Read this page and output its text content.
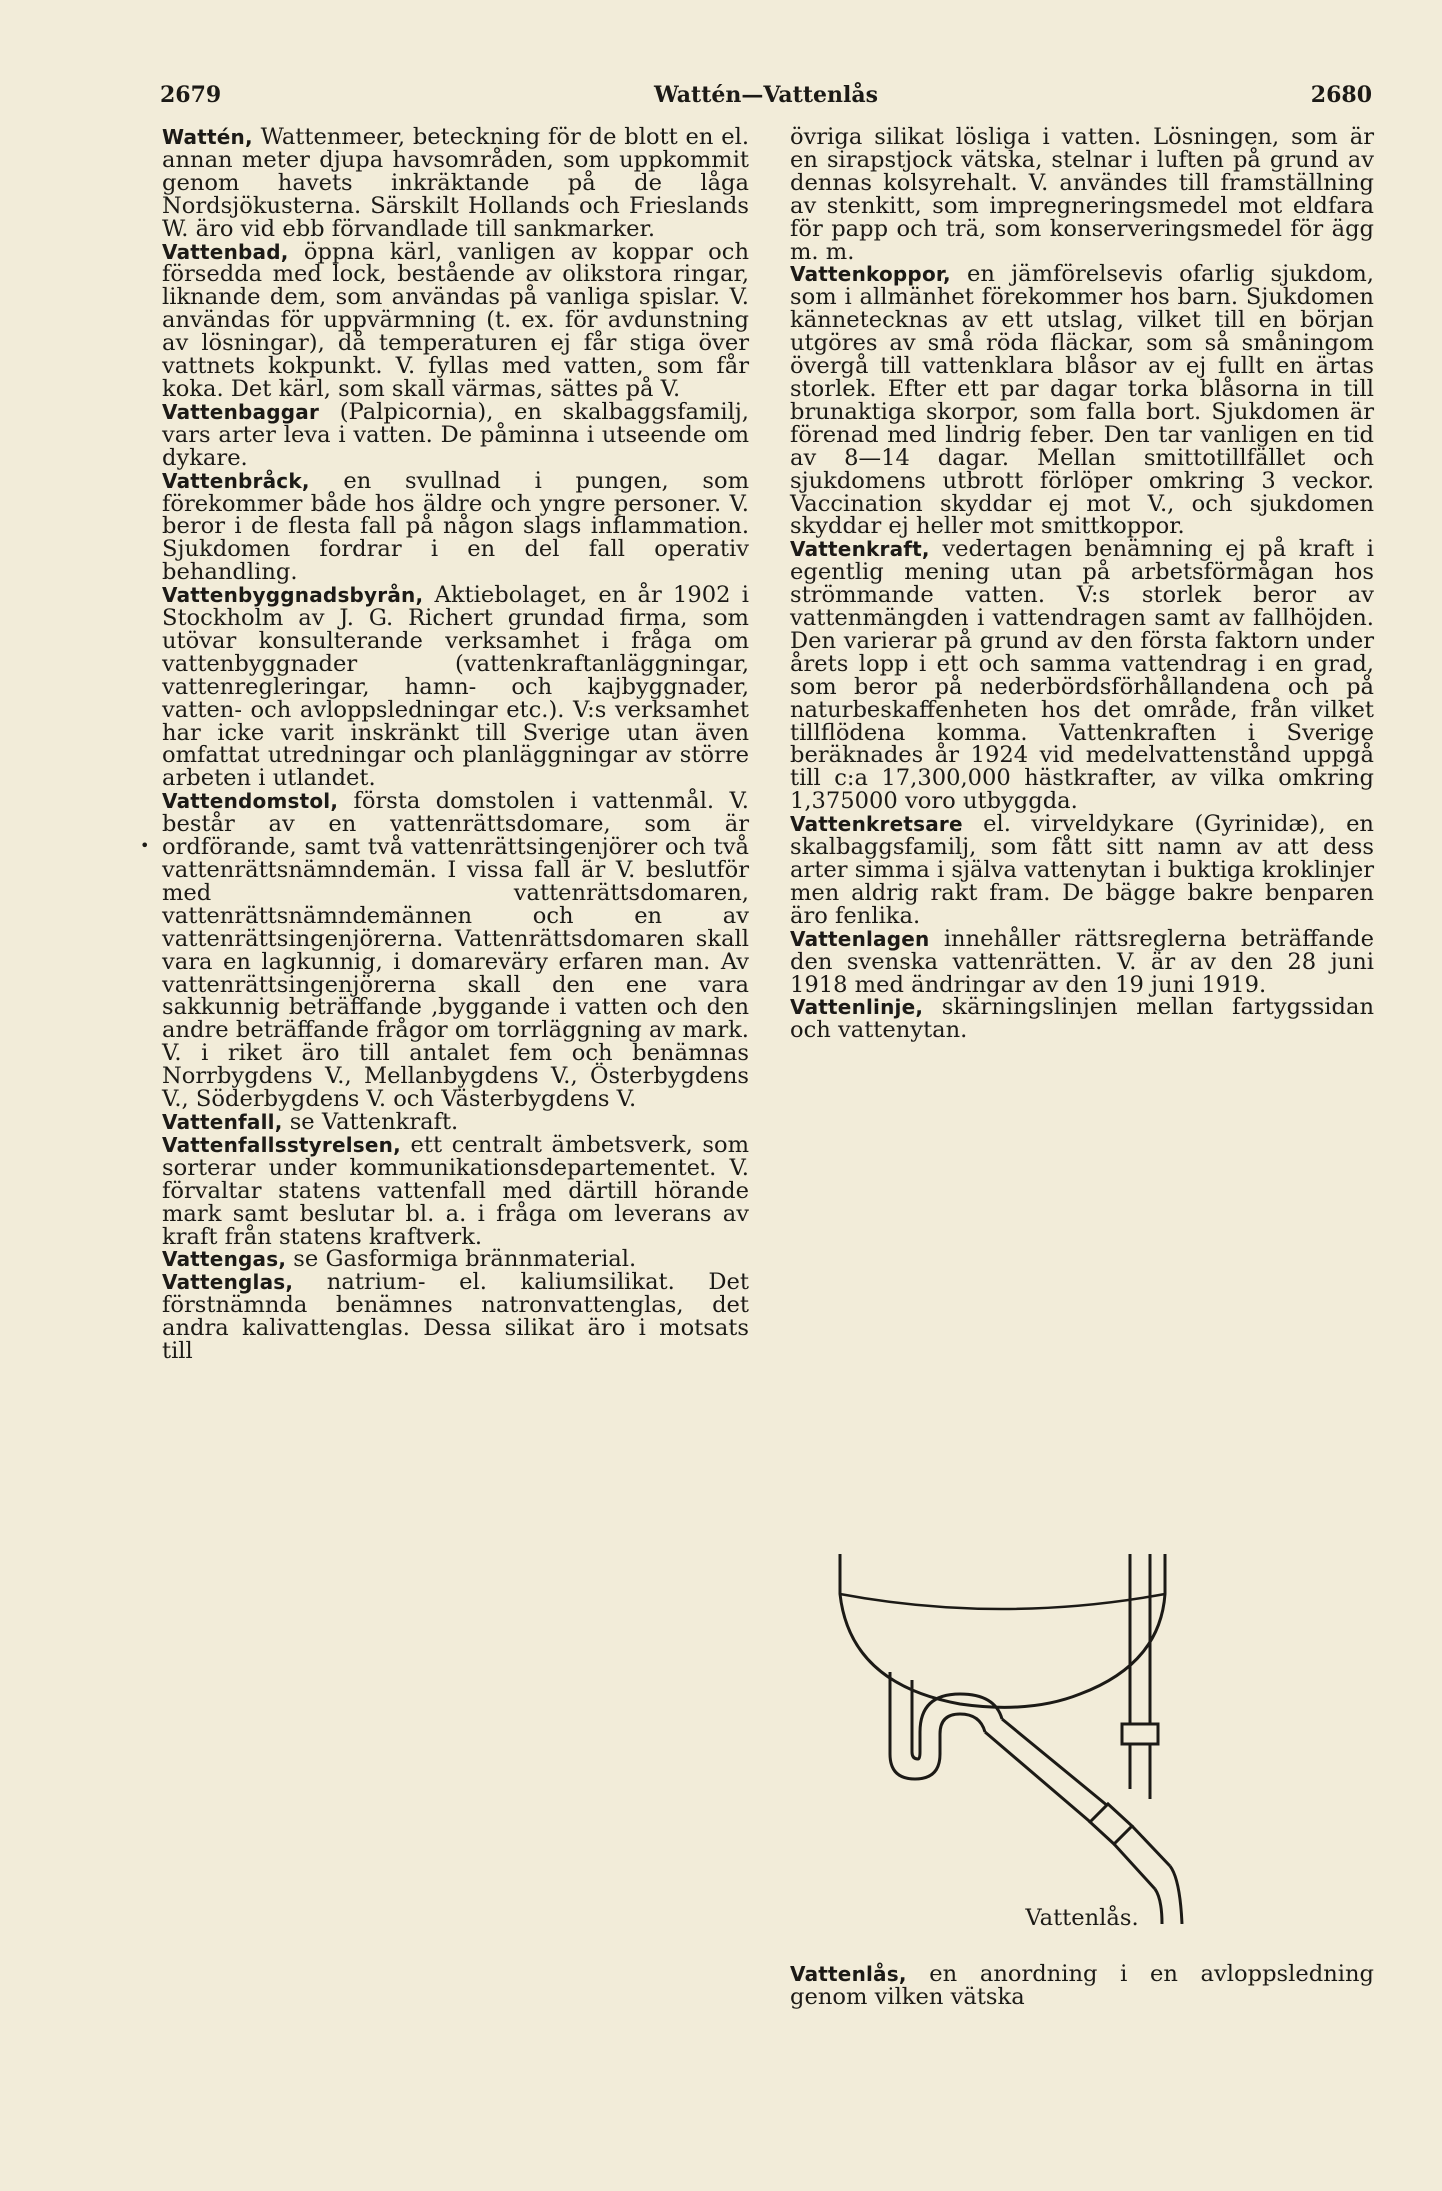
2679	Wattén—Vattenlås	2680
•

Wattén, Wattenmeer, beteckning för de blott en el. annan meter djupa havsområden, som uppkommit genom havets inkräktande på de låga Nordsjökusterna. Särskilt Hollands och Frieslands W. äro vid ebb förvandlade till sankmarker.

Vattenbad, öppna kärl, vanligen av koppar och försedda med lock, bestående av olikstora ringar, liknande dem, som användas på vanliga spislar. V. användas för uppvärmning (t. ex. för avdunstning av lösningar), då temperaturen ej får stiga över vattnets kokpunkt. V. fyllas med vatten, som får koka. Det kärl, som skall värmas, sättes på V.

Vattenbaggar (Palpicornia), en skalbaggsfamilj, vars arter leva i vatten. De påminna i utseende om dykare.

Vattenbråck, en svullnad i pungen, som förekommer både hos äldre och yngre personer. V. beror i de flesta fall på någon slags inflammation. Sjukdomen fordrar i en del fall operativ behandling.

Vattenbyggnadsbyrån, Aktiebolaget, en år 1902 i Stockholm av J. G. Richert grundad firma, som utövar konsulterande verksamhet i fråga om vattenbyggnader (vattenkraftanläggningar, vattenregleringar, hamn- och kajbyggnader, vatten- och avloppsledningar etc.). V:s verksamhet har icke varit inskränkt till Sverige utan även omfattat utredningar och planläggningar av större arbeten i utlandet.

Vattendomstol, första domstolen i vattenmål. V. består av en vattenrättsdomare, som är ordförande, samt två vattenrättsingenjörer och två vattenrättsnämndemän. I vissa fall är V. beslutför med vattenrättsdomaren, vattenrättsnämndemännen och en av vattenrättsingenjörerna. Vattenrättsdomaren skall vara en lagkunnig, i domareväry erfaren man. Av vattenrättsingenjörerna skall den ene vara sakkunnig beträffande ‚byggande i vatten och den andre beträffande frågor om torrläggning av mark. V. i riket äro till antalet fem och benämnas Norrbygdens V., Mellanbygdens V., Österbygdens V., Söderbygdens V. och Västerbygdens V.

Vattenfall, se Vattenkraft.

Vattenfallsstyrelsen, ett centralt ämbetsverk, som sorterar under kommunikationsdepartementet. V. förvaltar statens vattenfall med därtill hörande mark samt beslutar bl. a. i fråga om leverans av kraft från statens kraftverk.

Vattengas, se Gasformiga brännmaterial.

Vattenglas, natrium- el. kaliumsilikat. Det förstnämnda benämnes natronvattenglas, det andra kalivattenglas. Dessa silikat äro i motsats till

övriga silikat lösliga i vatten. Lösningen, som är en sirapstjock vätska, stelnar i luften på grund av dennas kolsyrehalt. V. användes till framställning av stenkitt, som impregneringsmedel mot eldfara för papp och trä, som konserveringsmedel för ägg m. m.

Vattenkoppor, en jämförelsevis ofarlig sjukdom, som i allmänhet förekommer hos barn. Sjukdomen kännetecknas av ett utslag, vilket till en början utgöres av små röda fläckar, som så småningom övergå till vattenklara blåsor av ej fullt en ärtas storlek. Efter ett par dagar torka blåsorna in till brunaktiga skorpor, som falla bort. Sjukdomen är förenad med lindrig feber. Den tar vanligen en tid av 8—14 dagar. Mellan smittotillfället och sjukdomens utbrott förlöper omkring 3 veckor. Vaccination skyddar ej mot V., och sjukdomen skyddar ej heller mot smittkoppor.

Vattenkraft, vedertagen benämning ej på kraft i egentlig mening utan på arbetsförmågan hos strömmande vatten. V:s storlek beror av vattenmängden i vattendragen samt av fallhöjden. Den varierar på grund av den första faktorn under årets lopp i ett och samma vattendrag i en grad, som beror på nederbördsförhållandena och på naturbeskaffenheten hos det område, från vilket tillflödena komma. Vattenkraften i Sverige beräknades år 1924 vid medelvattenstånd uppgå till c:a 17,300,000 hästkrafter, av vilka omkring 1,375000 voro utbyggda.

Vattenkretsare el. virveldykare (Gyrinidæ), en skalbaggsfamilj, som fått sitt namn av att dess arter simma i själva vattenytan i buktiga kroklinjer men aldrig rakt fram. De bägge bakre benparen äro fenlika.

Vattenlagen innehåller rättsreglerna beträffande den svenska vattenrätten. V. är av den 28 juni 1918 med ändringar av den 19 juni 1919.

Vattenlinje, skärningslinjen mellan fartygssidan och vattenytan.

Vattenlås.
Vattenlås, en anordning i en avloppsledning genom vilken vätska
